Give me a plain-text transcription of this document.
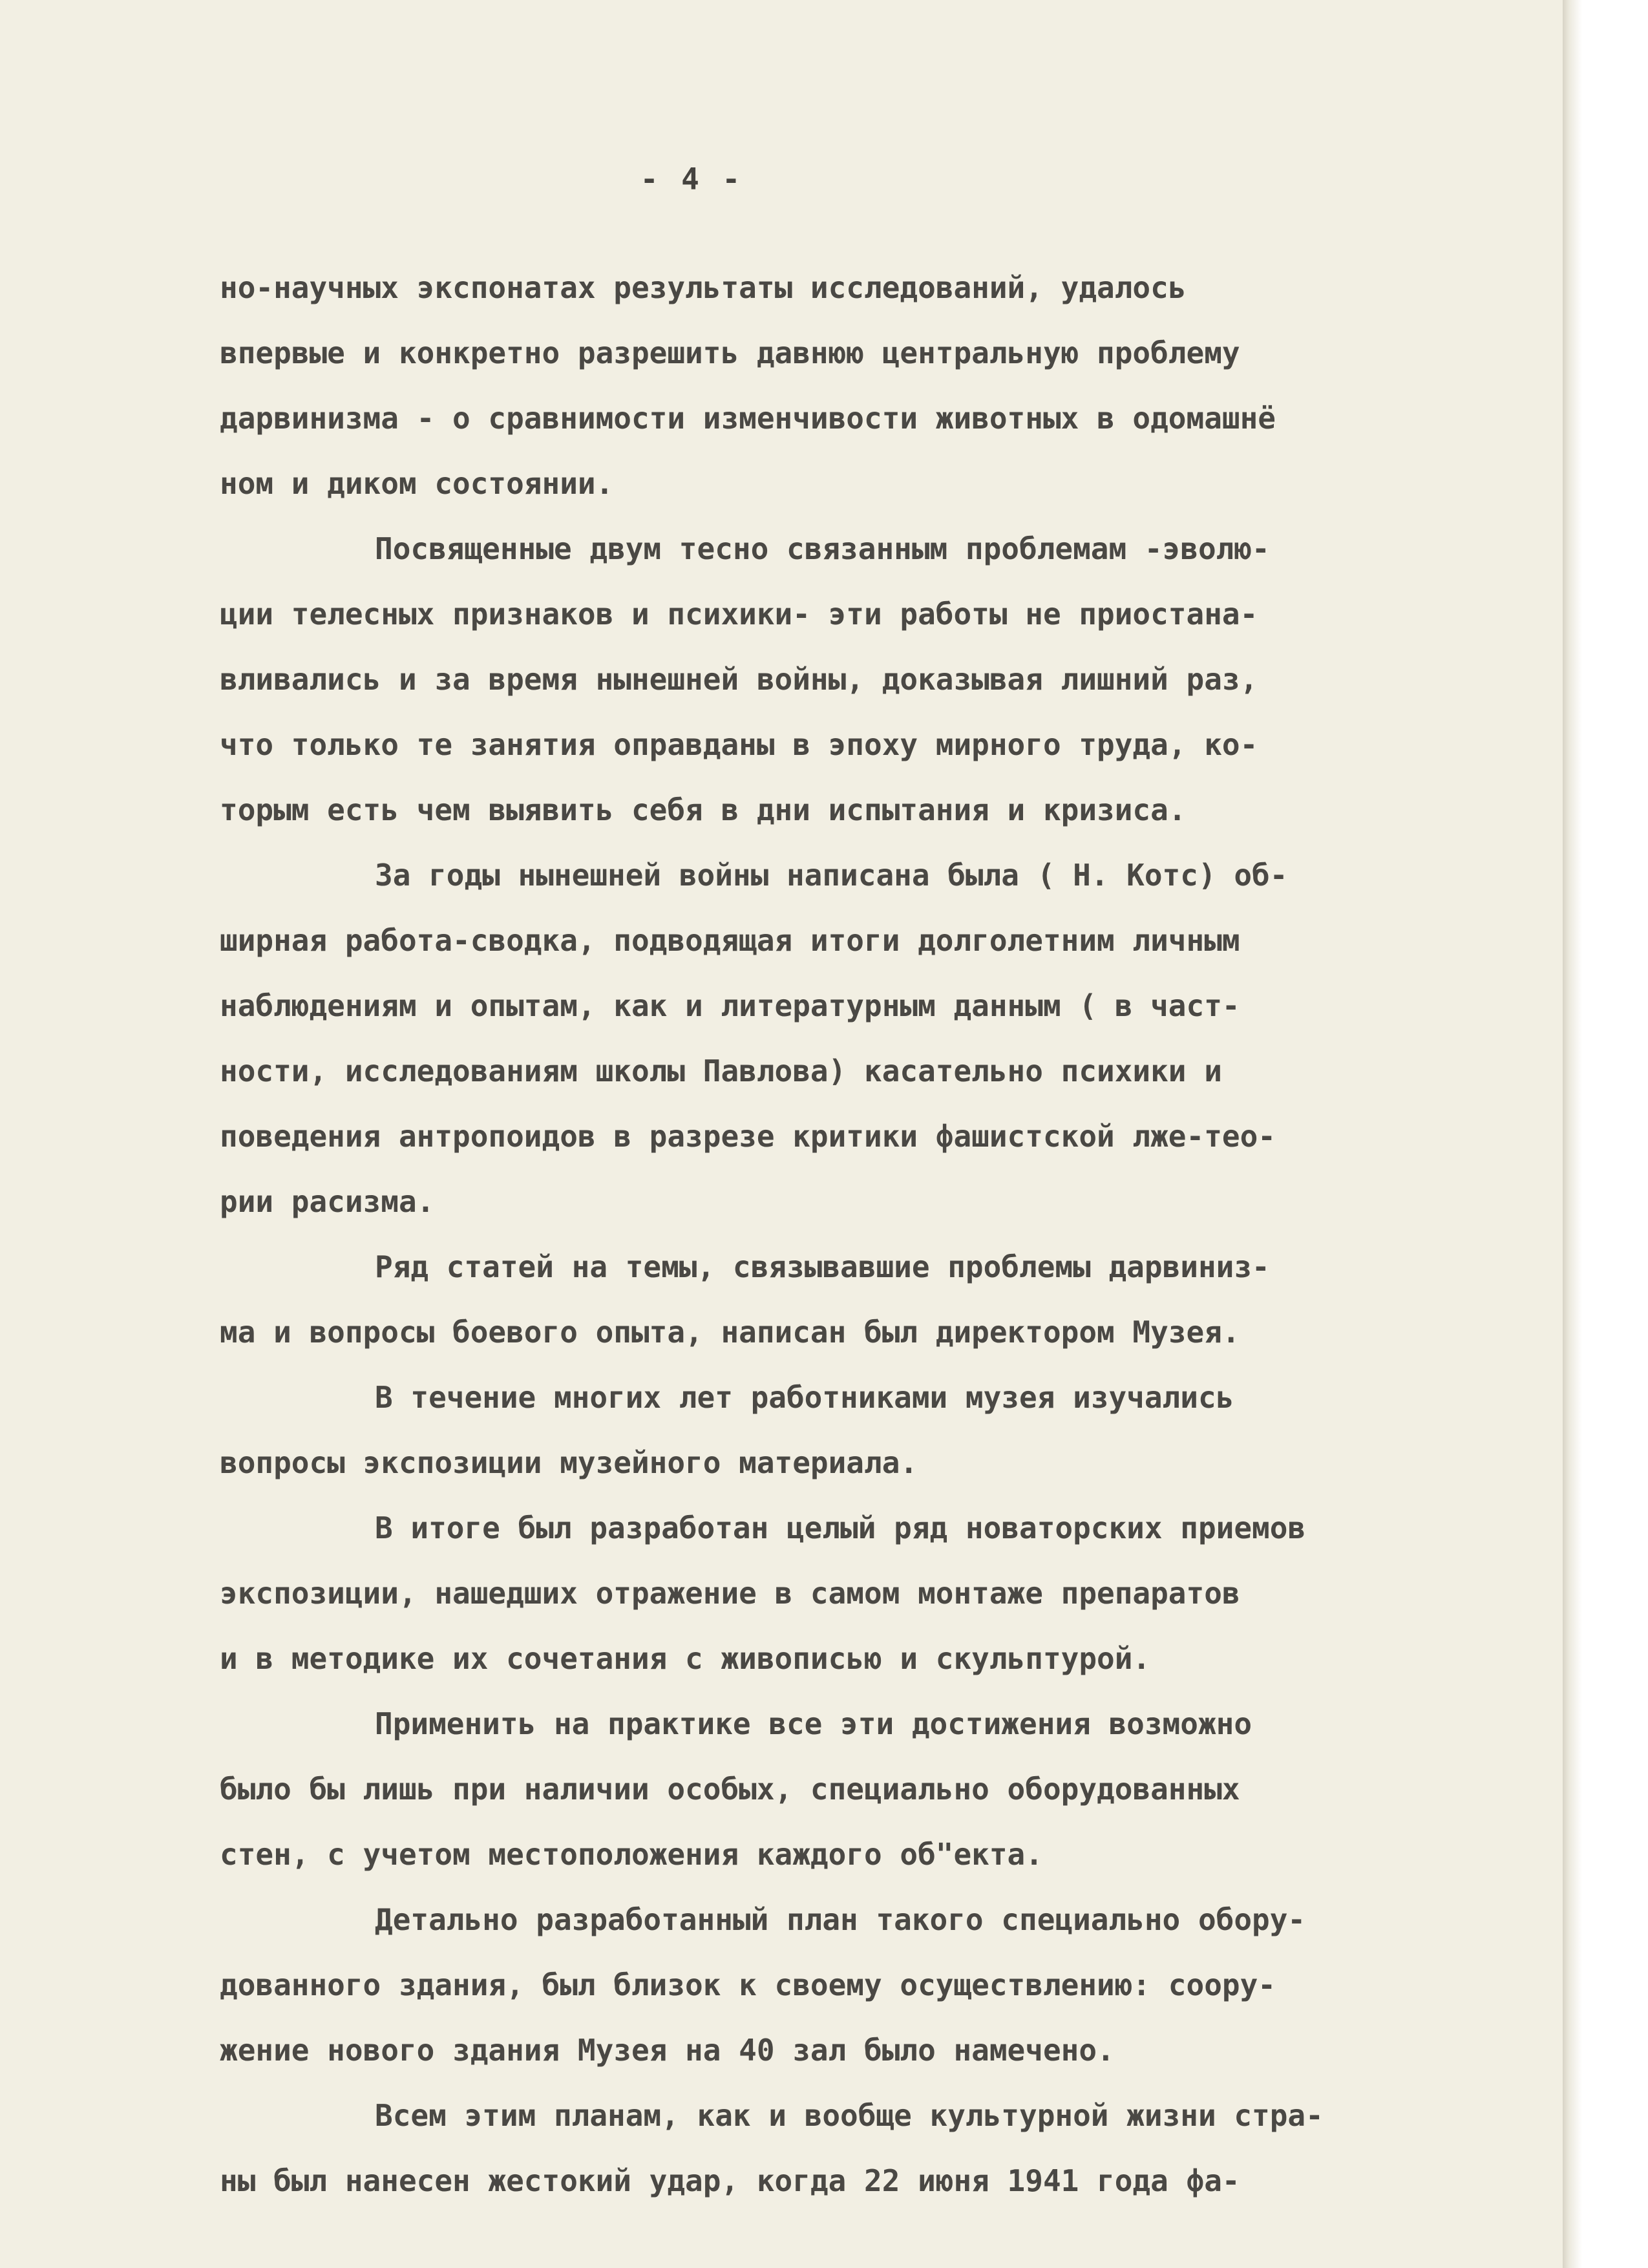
- 4 -
но-научных экспонатах результаты исследований, удалось
впервые и конкретно разрешить давнюю центральную проблему
дарвинизма - о сравнимости изменчивости животных в одомашнё
ном и диком состоянии.
Посвященные двум тесно связанным проблемам -эволю-
ции телесных признаков и психики- эти работы не приостана-
вливались и за время нынешней войны, доказывая лишний раз,
что только те занятия оправданы в эпоху мирного труда, ко-
торым есть чем выявить себя в дни испытания и кризиса.
За годы нынешней войны написана была ( Н. Котс) об-
ширная работа-сводка, подводящая итоги долголетним личным
наблюдениям и опытам, как и литературным данным ( в част-
ности, исследованиям школы Павлова) касательно психики и
поведения антропоидов в разрезе критики фашистской лже-тео-
рии расизма.
Ряд статей на темы, связывавшие проблемы дарвиниз-
ма и вопросы боевого опыта, написан был директором Музея.
В течение многих лет работниками музея изучались
вопросы экспозиции музейного материала.
В итоге был разработан целый ряд новаторских приемов
экспозиции, нашедших отражение в самом монтаже препаратов
и в методике их сочетания с живописью и скульптурой.
Применить на практике все эти достижения возможно
было бы лишь при наличии особых, специально оборудованных
стен, с учетом местоположения каждого об"екта.
Детально разработанный план такого специально обору-
дованного здания, был близок к своему осуществлению: соору-
жение нового здания Музея на 40 зал было намечено.
Всем этим планам, как и вообще культурной жизни стра-
ны был нанесен жестокий удар, когда 22 июня 1941 года фа-
